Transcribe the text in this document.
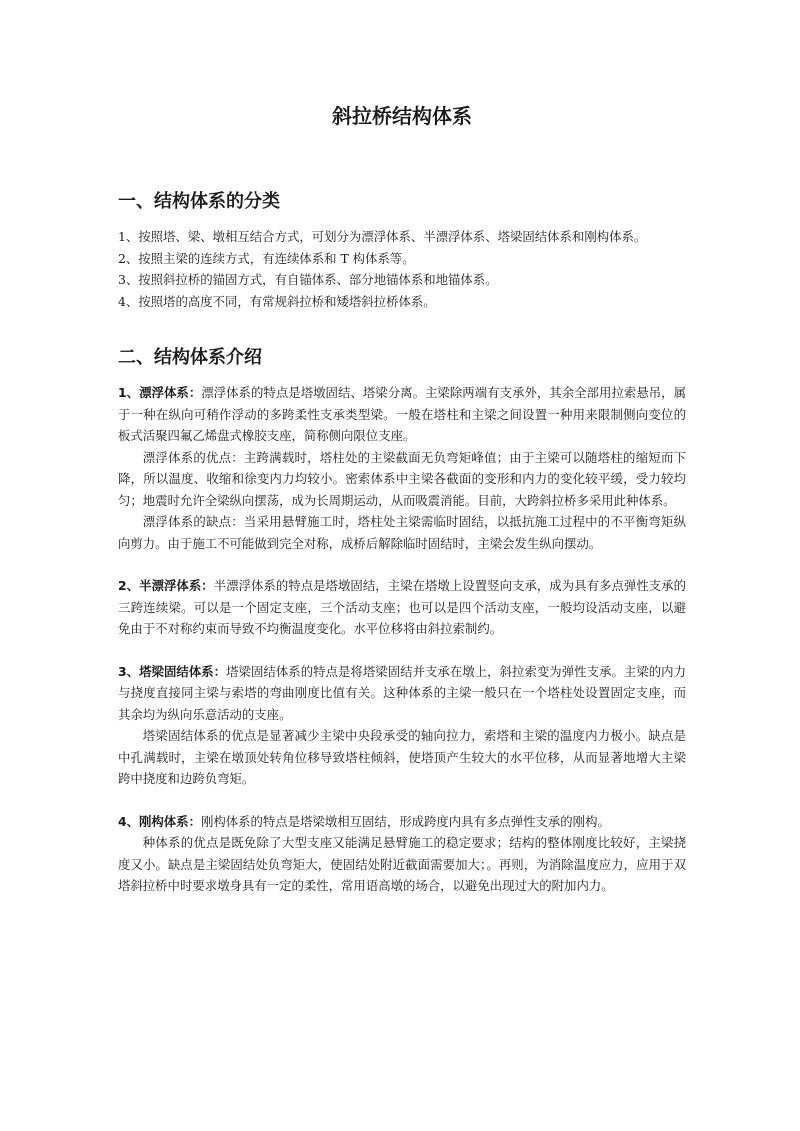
斜拉桥结构体系
一、结构体系的分类

1、按照塔、梁、墩相互结合方式，可划分为漂浮体系、半漂浮体系、塔梁固结体系和刚构体系。

2、按照主梁的连续方式，有连续体系和 T 构体系等。

3、按照斜拉桥的锚固方式，有自锚体系、部分地锚体系和地锚体系。

4、按照塔的高度不同，有常规斜拉桥和矮塔斜拉桥体系。

二、结构体系介绍

1、漂浮体系：漂浮体系的特点是塔墩固结、塔梁分离。主梁除两端有支承外，其余全部用拉索悬吊，属于一种在纵向可稍作浮动的多跨柔性支承类型梁。一般在塔柱和主梁之间设置一种用来限制侧向变位的板式活聚四氟乙烯盘式橡胶支座，简称侧向限位支座。

漂浮体系的优点：主跨满载时，塔柱处的主梁截面无负弯矩峰值；由于主梁可以随塔柱的缩短而下降，所以温度、收缩和徐变内力均较小。密索体系中主梁各截面的变形和内力的变化较平缓，受力较均匀；地震时允许全梁纵向摆荡，成为长周期运动，从而吸震消能。目前，大跨斜拉桥多采用此种体系。

漂浮体系的缺点：当采用悬臂施工时，塔柱处主梁需临时固结，以抵抗施工过程中的不平衡弯矩纵向剪力。由于施工不可能做到完全对称，成桥后解除临时固结时，主梁会发生纵向摆动。

2、半漂浮体系：半漂浮体系的特点是塔墩固结，主梁在塔墩上设置竖向支承，成为具有多点弹性支承的三跨连续梁。可以是一个固定支座，三个活动支座；也可以是四个活动支座，一般均设活动支座，以避免由于不对称约束而导致不均衡温度变化。水平位移将由斜拉索制约。

3、塔梁固结体系：塔梁固结体系的特点是将塔梁固结并支承在墩上，斜拉索变为弹性支承。主梁的内力与挠度直接同主梁与索塔的弯曲刚度比值有关。这种体系的主梁一般只在一个塔柱处设置固定支座，而其余均为纵向乐意活动的支座。

塔梁固结体系的优点是显著减少主梁中央段承受的轴向拉力，索塔和主梁的温度内力极小。缺点是中孔满载时，主梁在墩顶处转角位移导致塔柱倾斜，使塔顶产生较大的水平位移，从而显著地增大主梁跨中挠度和边跨负弯矩。

4、刚构体系：刚构体系的特点是塔梁墩相互固结，形成跨度内具有多点弹性支承的刚构。

种体系的优点是既免除了大型支座又能满足悬臂施工的稳定要求；结构的整体刚度比较好，主梁挠度又小。缺点是主梁固结处负弯矩大，使固结处附近截面需要加大；。再则，为消除温度应力，应用于双塔斜拉桥中时要求墩身具有一定的柔性，常用语高墩的场合，以避免出现过大的附加内力。
